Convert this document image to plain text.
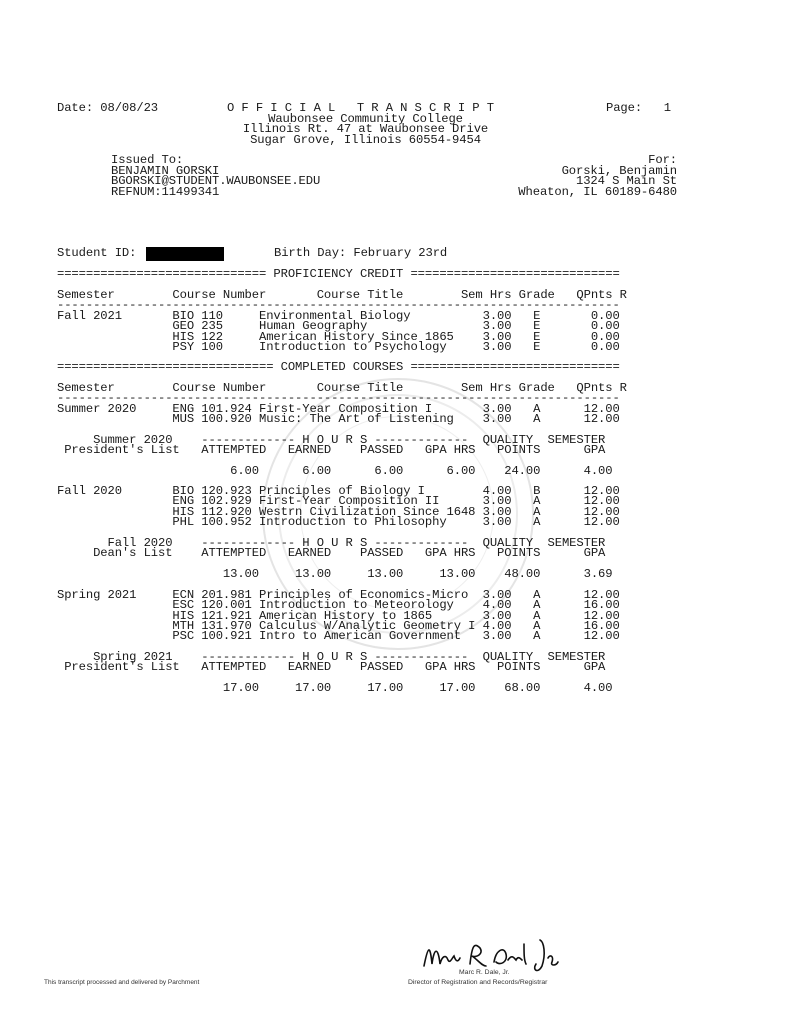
Date: 08/08/23	O F F I C I A L   T R A N S C R I P T	Page:   1
Waubonsee Community College
Illinois Rt. 47 at Waubonsee Drive
Sugar Grove, Illinois 60554-9454
Issued To:
BENJAMIN GORSKI
BGORSKI@STUDENT.WAUBONSEE.EDU
REFNUM:11499341
For:
Gorski, Benjamin
1324 S Main St
Wheaton, IL 60189-6480
Student ID:	Birth Day: February 23rd
============================= PROFICIENCY CREDIT =============================
Semester        Course Number       Course Title        Sem Hrs Grade   QPnts R
------------------------------------------------------------------------------
Fall 2021       BIO 110     Environmental Biology          3.00   E       0.00
GEO 235     Human Geography                3.00   E       0.00
HIS 122     American History Since 1865    3.00   E       0.00
PSY 100     Introduction to Psychology     3.00   E       0.00
============================== COMPLETED COURSES =============================
Semester        Course Number       Course Title        Sem Hrs Grade   QPnts R
------------------------------------------------------------------------------
Summer 2020     ENG 101.924 First-Year Composition I       3.00   A      12.00
MUS 100.920 Music: The Art of Listening    3.00   A      12.00
Summer 2020    ------------- H O U R S -------------  QUALITY  SEMESTER
President's List   ATTEMPTED   EARNED    PASSED   GPA HRS   POINTS      GPA
6.00      6.00      6.00      6.00    24.00      4.00
Fall 2020       BIO 120.923 Principles of Biology I        4.00   B      12.00
ENG 102.929 First-Year Composition II      3.00   A      12.00
HIS 112.920 Westrn Civilization Since 1648 3.00   A      12.00
PHL 100.952 Introduction to Philosophy     3.00   A      12.00
Fall 2020    ------------- H O U R S -------------  QUALITY  SEMESTER
Dean's List    ATTEMPTED   EARNED    PASSED   GPA HRS   POINTS      GPA
13.00     13.00     13.00     13.00    48.00      3.69
Spring 2021     ECN 201.981 Principles of Economics-Micro  3.00   A      12.00
ESC 120.001 Introduction to Meteorology    4.00   A      16.00
HIS 121.921 American History to 1865       3.00   A      12.00
MTH 131.970 Calculus W/Analytic Geometry I 4.00   A      16.00
PSC 100.921 Intro to American Government   3.00   A      12.00
Spring 2021    ------------- H O U R S -------------  QUALITY  SEMESTER
President's List   ATTEMPTED   EARNED    PASSED   GPA HRS   POINTS      GPA
17.00     17.00     17.00     17.00    68.00      4.00
This transcript processed and delivered by Parchment
Marc R. Dale, Jr.
Director of Registration and Records/Registrar
